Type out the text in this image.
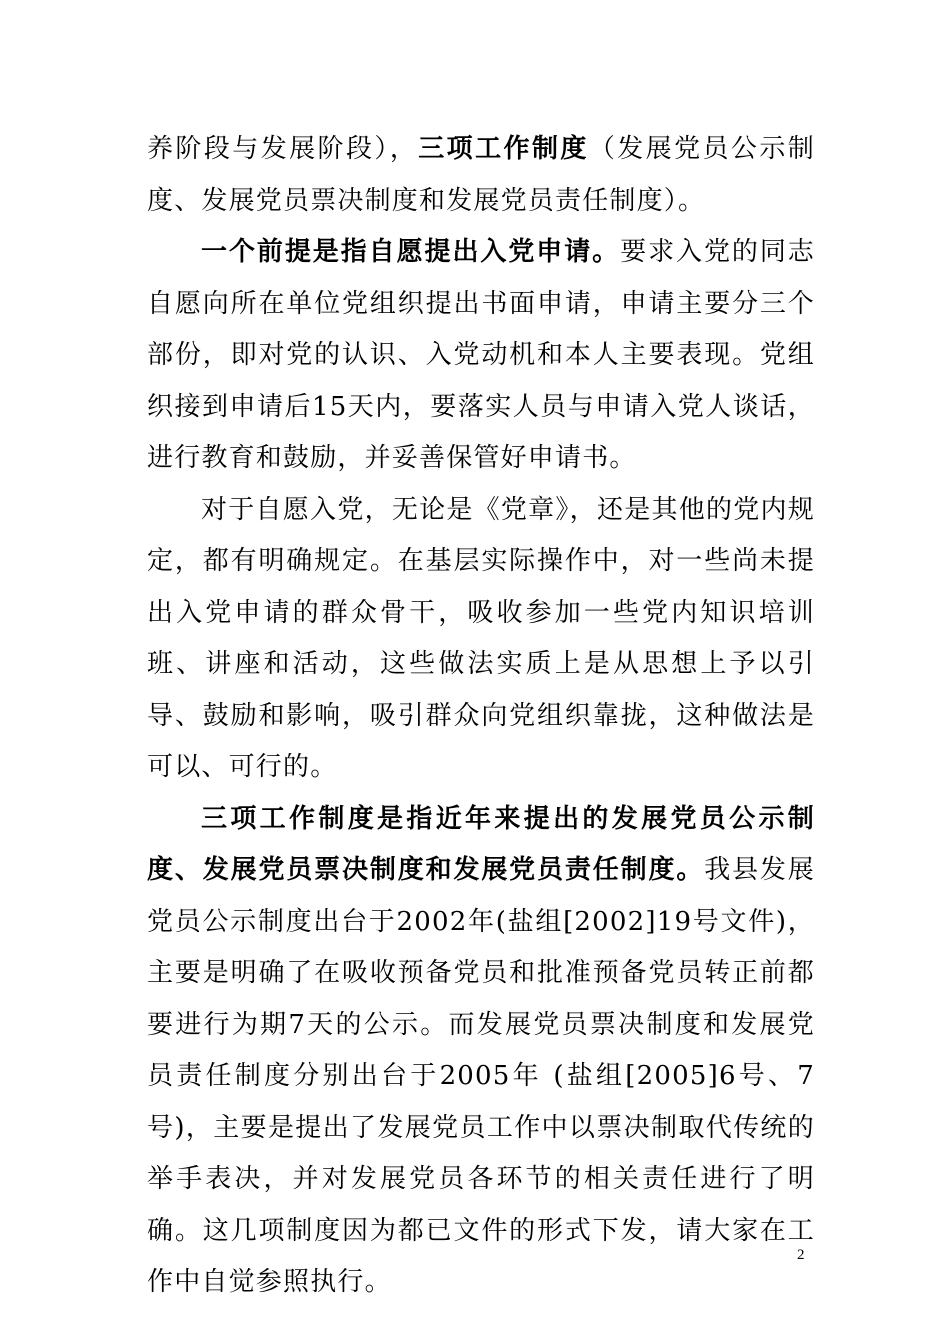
养阶段与发展阶段），三项工作制度（发展党员公示制度、发展党员票决制度和发展党员责任制度）。

一个前提是指自愿提出入党申请。要求入党的同志自愿向所在单位党组织提出书面申请，申请主要分三个部份，即对党的认识、入党动机和本人主要表现。党组织接到申请后15天内，要落实人员与申请入党人谈话，进行教育和鼓励，并妥善保管好申请书。

对于自愿入党，无论是《党章》，还是其他的党内规定，都有明确规定。在基层实际操作中，对一些尚未提出入党申请的群众骨干，吸收参加一些党内知识培训班、讲座和活动，这些做法实质上是从思想上予以引导、鼓励和影响，吸引群众向党组织靠拢，这种做法是可以、可行的。

三项工作制度是指近年来提出的发展党员公示制度、发展党员票决制度和发展党员责任制度。我县发展党员公示制度出台于2002年(盐组[2002]19号文件)，主要是明确了在吸收预备党员和批准预备党员转正前都要进行为期7天的公示。而发展党员票决制度和发展党员责任制度分别出台于2005年 (盐组[2005]6号、7号)，主要是提出了发展党员工作中以票决制取代传统的举手表决，并对发展党员各环节的相关责任进行了明确。这几项制度因为都已文件的形式下发，请大家在工作中自觉参照执行。

2
